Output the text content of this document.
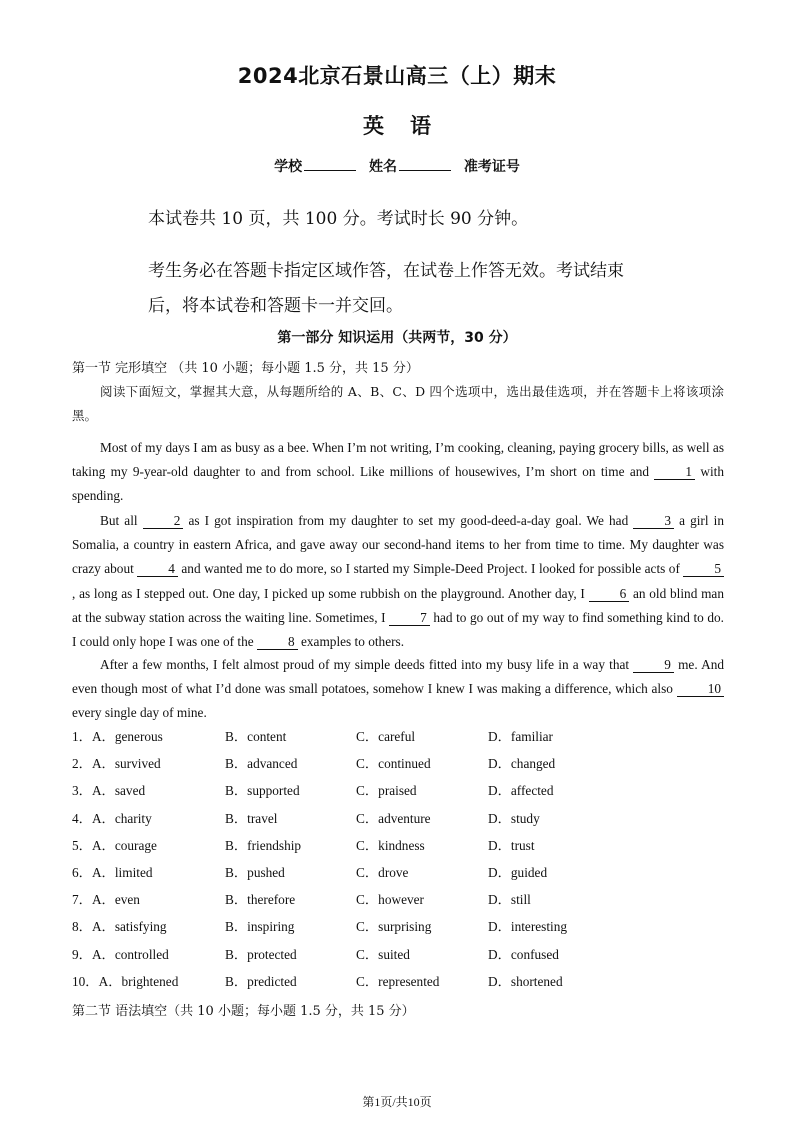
2024北京石景山高三（上）期末
英语
学校	姓名	准考证号
本试卷共 10 页，共 100 分。考试时长 90 分钟。
考生务必在答题卡指定区域作答，在试卷上作答无效。考试结束
后，将本试卷和答题卡一并交回。
第一部分 知识运用（共两节，30 分）
第一节 完形填空 （共 10 小题；每小题 1.5 分，共 15 分）
阅读下面短文，掌握其大意，从每题所给的 A、B、C、D 四个选项中，选出最佳选项，并在答题卡上将该项涂黑。
Most of my days I am as busy as a bee. When I’m not writing, I’m cooking, cleaning, paying grocery bills, as well as taking my 9-year-old daughter to and from school. Like millions of housewives, I’m short on time and 1 with spending.
But all 2 as I got inspiration from my daughter to set my good-deed-a-day goal. We had 3 a girl in Somalia, a country in eastern Africa, and gave away our second-hand items to her from time to time. My daughter was crazy about 4 and wanted me to do more, so I started my Simple-Deed Project. I looked for possible acts of 5, as long as I stepped out. One day, I picked up some rubbish on the playground. Another day, I 6 an old blind man at the subway station across the waiting line. Sometimes, I 7 had to go out of my way to find something kind to do. I could only hope I was one of the 8 examples to others.
After a few months, I felt almost proud of my simple deeds fitted into my busy life in a way that 9 me. And even though most of what I’d done was small potatoes, somehow I knew I was making a difference, which also 10 every single day of mine.
1．A．generous	B．content	C．careful	D．familiar
2．A．survived	B．advanced	C．continued	D．changed
3．A．saved	B．supported	C．praised	D．affected
4．A．charity	B．travel	C．adventure	D．study
5．A．courage	B．friendship	C．kindness	D．trust
6．A．limited	B．pushed	C．drove	D．guided
7．A．even	B．therefore	C．however	D．still
8．A．satisfying	B．inspiring	C．surprising	D．interesting
9．A．controlled	B．protected	C．suited	D．confused
10．A．brightened	B．predicted	C．represented	D．shortened
第二节 语法填空（共 10 小题；每小题 1.5 分，共 15 分）
第1页/共10页
